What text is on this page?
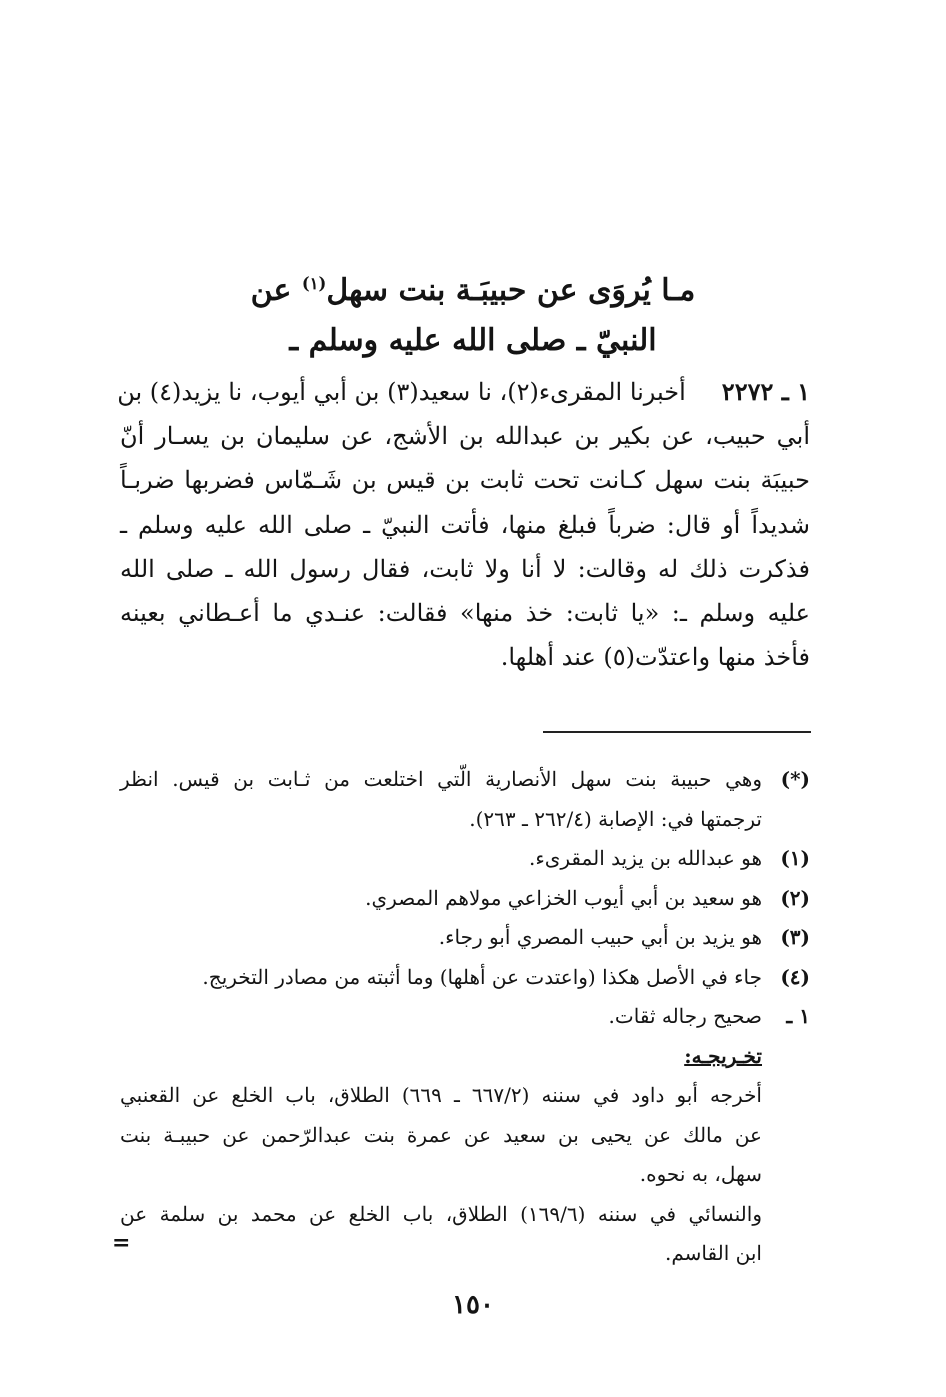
مـا يُروَى عن حبيبَـة بنت سهل$^{(١)}$ عن
النبيّ ـ صلى الله عليه وسلم ـ
١ ـ ٢٢٧٢أخبرنا المقرىء(٢)، نا سعيد(٣) بن أبي أيوب، نا يزيد(٤) بن
أبي حبيب، عن بكير بن عبدالله بن الأشج، عن سليمان بن يسـار أنّ
حبيبَة بنت سهل كـانت تحت ثابت بن قيس بن شَـمّاس فضربها ضربـاً
شديداً أو قال: ضرباً فبلغ منها، فأتت النبيّ ـ صلى الله عليه وسلم ـ
فذكرت ذلك له وقالت: لا أنا ولا ثابت، فقال رسول الله ـ صلى الله
عليه وسلم ـ: «يا ثابت: خذ منها» فقالت: عنـدي ما أعـطاني بعينه
فأخذ منها واعتدّت(٥) عند أهلها.
(*)
وهي حبيبة بنت سهل الأنصارية الّتي اختلعت من ثـابت بن قيس. انظر
ترجمتها في: الإصابة (٢٦٢/٤ ـ ٢٦٣).
(١)
هو عبدالله بن يزيد المقرىء.
(٢)
هو سعيد بن أبي أيوب الخزاعي مولاهم المصري.
(٣)
هو يزيد بن أبي حبيب المصري أبو رجاء.
(٤)
جاء في الأصل هكذا (واعتدت عن أهلها) وما أثبته من مصادر التخريج.
١ ـ
صحيح رجاله ثقات.
تخـريجـه:
أخرجه أبو داود في سننه (٦٦٧/٢ ـ ٦٦٩) الطلاق، باب الخلع عن القعنبي
عن مالك عن يحيى بن سعيد عن عمرة بنت عبدالرّحمن عن حبيبـة بنت
سهل، به نحوه.
والنسائي في سننه (١٦٩/٦) الطلاق، باب الخلع عن محمد بن سلمة عن
ابن القاسم.
=
١٥٠
